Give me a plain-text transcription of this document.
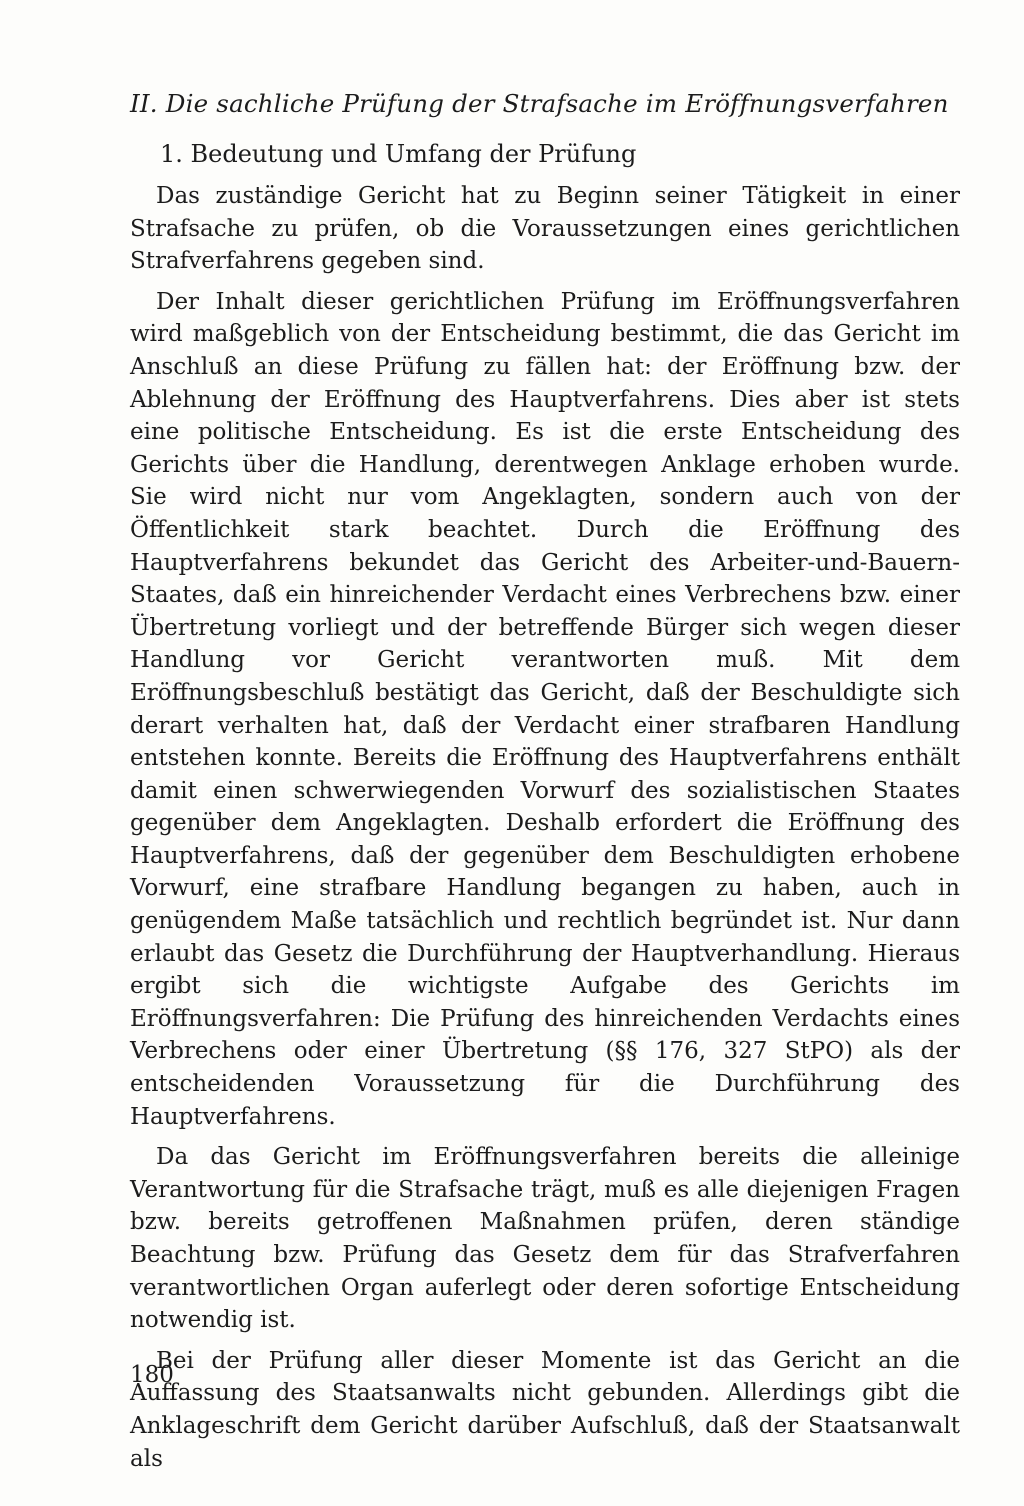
II. Die sachliche Prüfung der Strafsache im Eröffnungsverfahren
1. Bedeutung und Umfang der Prüfung

Das zuständige Gericht hat zu Beginn seiner Tätigkeit in einer Strafsache zu prüfen, ob die Voraussetzungen eines gerichtlichen Strafverfahrens gegeben sind.

Der Inhalt dieser gerichtlichen Prüfung im Eröffnungsverfahren wird maßgeblich von der Entscheidung bestimmt, die das Gericht im Anschluß an diese Prüfung zu fällen hat: der Eröffnung bzw. der Ablehnung der Eröffnung des Hauptverfahrens. Dies aber ist stets eine politische Entscheidung. Es ist die erste Entscheidung des Gerichts über die Handlung, derentwegen Anklage erhoben wurde. Sie wird nicht nur vom Angeklagten, sondern auch von der Öffentlichkeit stark beachtet. Durch die Eröffnung des Hauptverfahrens bekundet das Gericht des Arbeiter-und-Bauern-Staates, daß ein hinreichender Verdacht eines Verbrechens bzw. einer Übertretung vorliegt und der betreffende Bürger sich wegen dieser Handlung vor Gericht verantworten muß. Mit dem Eröffnungsbeschluß bestätigt das Gericht, daß der Beschuldigte sich derart verhalten hat, daß der Verdacht einer strafbaren Handlung entstehen konnte. Bereits die Eröffnung des Hauptverfahrens enthält damit einen schwerwiegenden Vorwurf des sozialistischen Staates gegenüber dem Angeklagten. Deshalb erfordert die Eröffnung des Hauptverfahrens, daß der gegenüber dem Beschuldigten erhobene Vorwurf, eine strafbare Handlung begangen zu haben, auch in genügendem Maße tatsächlich und rechtlich begründet ist. Nur dann erlaubt das Gesetz die Durchführung der Hauptverhandlung. Hieraus ergibt sich die wichtigste Aufgabe des Gerichts im Eröffnungsverfahren: Die Prüfung des hinreichenden Verdachts eines Verbrechens oder einer Übertretung (§§ 176, 327 StPO) als der entscheidenden Voraussetzung für die Durchführung des Hauptverfahrens.

Da das Gericht im Eröffnungsverfahren bereits die alleinige Verantwortung für die Strafsache trägt, muß es alle diejenigen Fragen bzw. bereits getroffenen Maßnahmen prüfen, deren ständige Beachtung bzw. Prüfung das Gesetz dem für das Strafverfahren verantwortlichen Organ auferlegt oder deren sofortige Entscheidung notwendig ist.

Bei der Prüfung aller dieser Momente ist das Gericht an die Auffassung des Staatsanwalts nicht gebunden. Allerdings gibt die Anklageschrift dem Gericht darüber Aufschluß, daß der Staatsanwalt als

180
